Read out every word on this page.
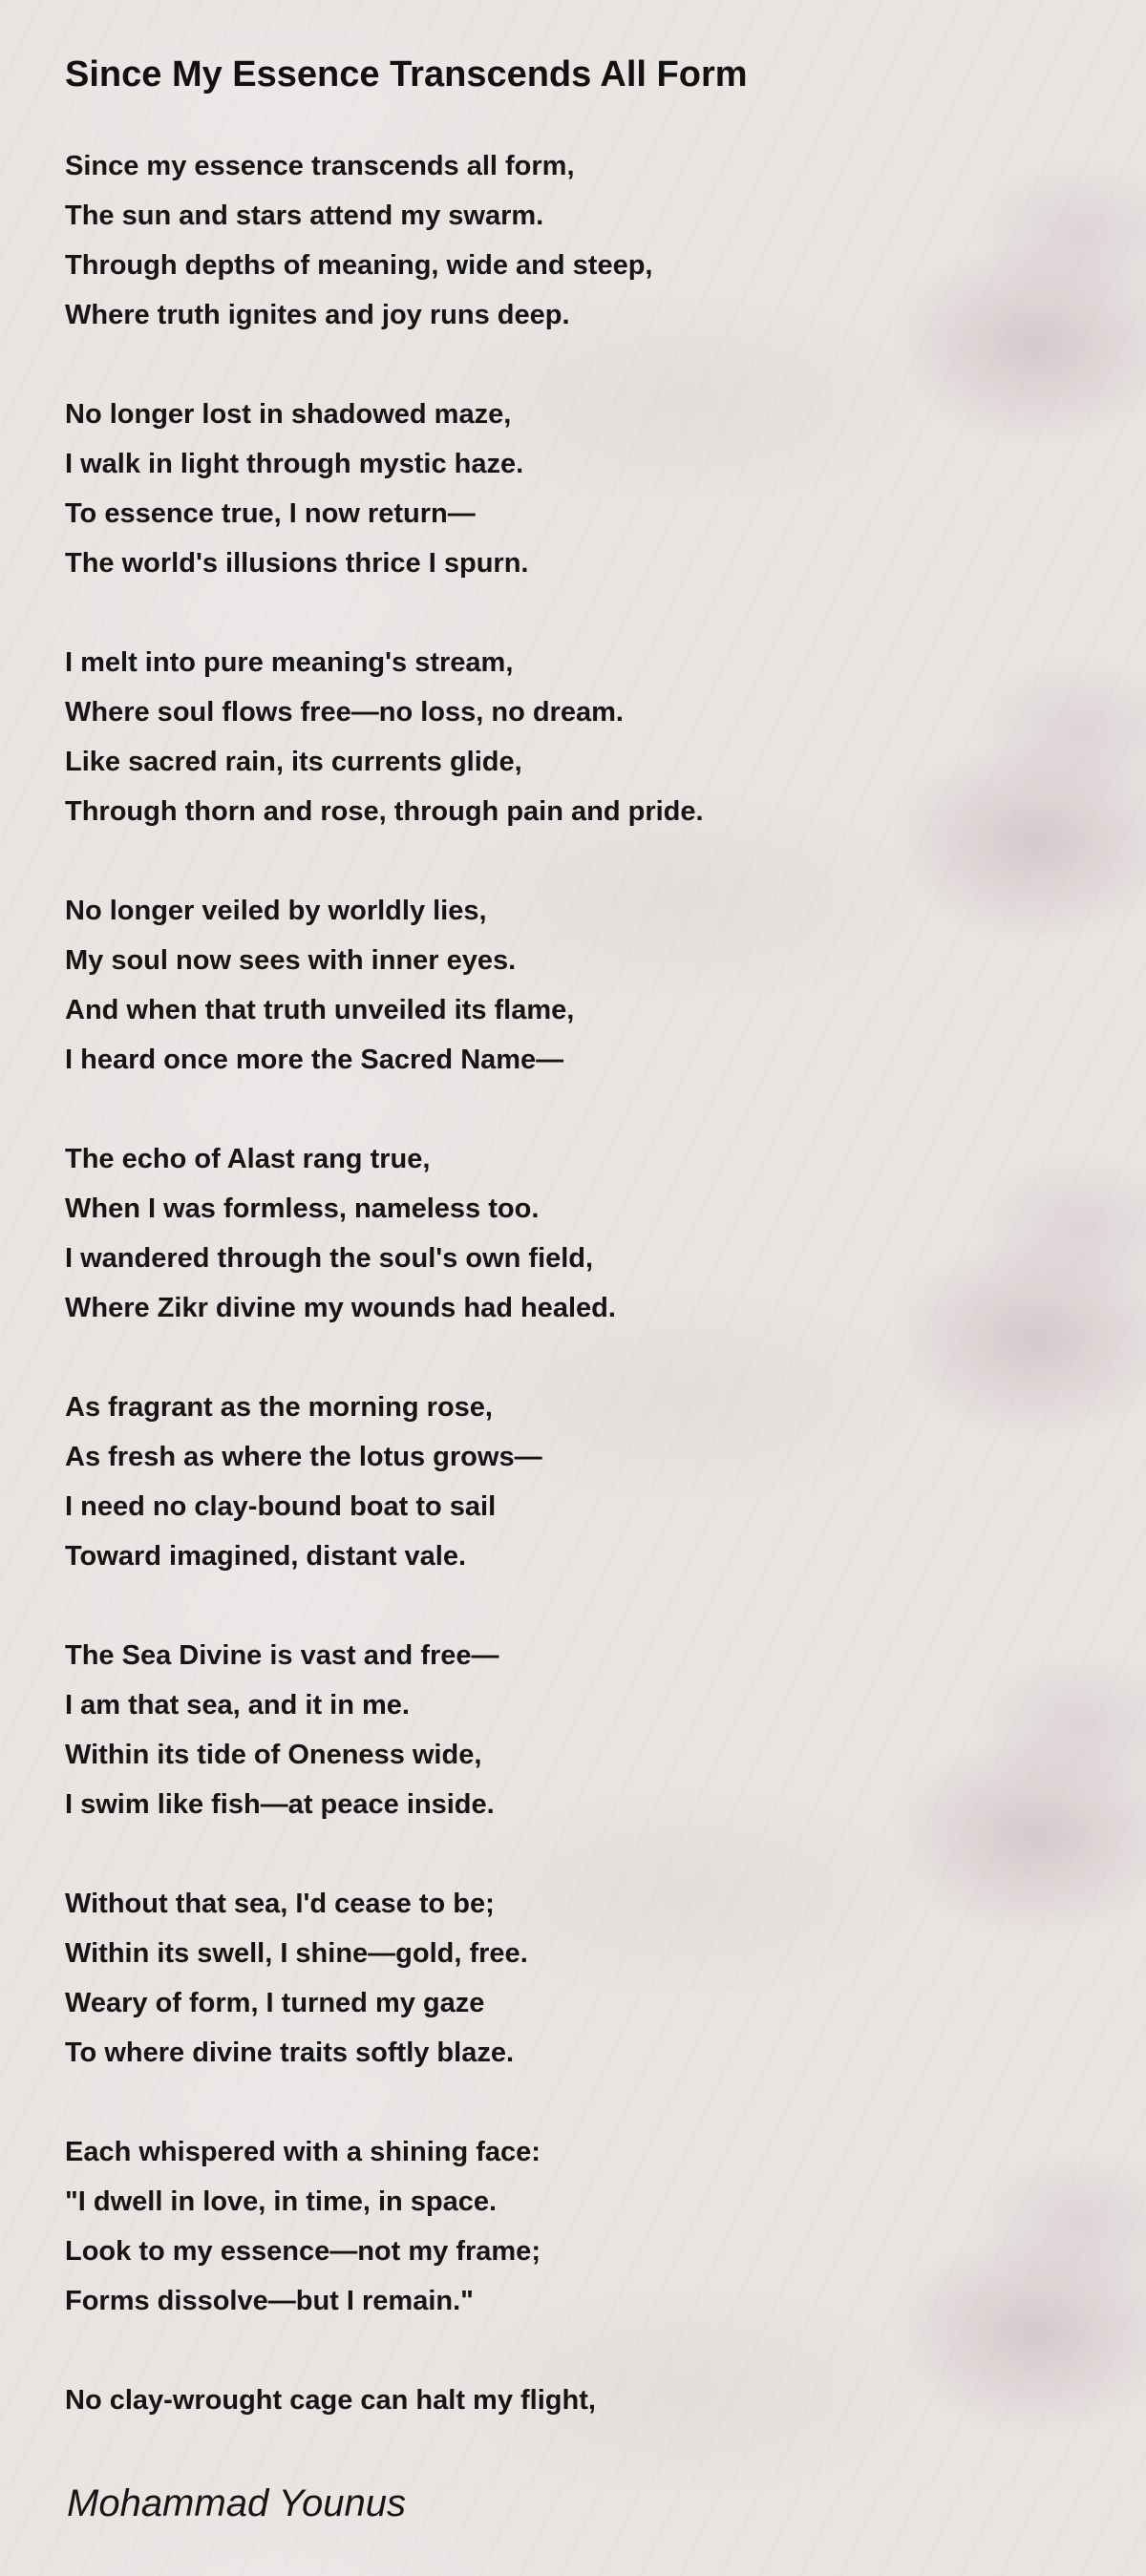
Since My Essence Transcends All Form
Since my essence transcends all form,
The sun and stars attend my swarm.
Through depths of meaning, wide and steep,
Where truth ignites and joy runs deep.
No longer lost in shadowed maze,
I walk in light through mystic haze.
To essence true, I now return—
The world's illusions thrice I spurn.
I melt into pure meaning's stream,
Where soul flows free—no loss, no dream.
Like sacred rain, its currents glide,
Through thorn and rose, through pain and pride.
No longer veiled by worldly lies,
My soul now sees with inner eyes.
And when that truth unveiled its flame,
I heard once more the Sacred Name—
The echo of Alast rang true,
When I was formless, nameless too.
I wandered through the soul's own field,
Where Zikr divine my wounds had healed.
As fragrant as the morning rose,
As fresh as where the lotus grows—
I need no clay-bound boat to sail
Toward imagined, distant vale.
The Sea Divine is vast and free—
I am that sea, and it in me.
Within its tide of Oneness wide,
I swim like fish—at peace inside.
Without that sea, I'd cease to be;
Within its swell, I shine—gold, free.
Weary of form, I turned my gaze
To where divine traits softly blaze.
Each whispered with a shining face:
"I dwell in love, in time, in space.
Look to my essence—not my frame;
Forms dissolve—but I remain."
No clay-wrought cage can halt my flight,
Mohammad Younus
